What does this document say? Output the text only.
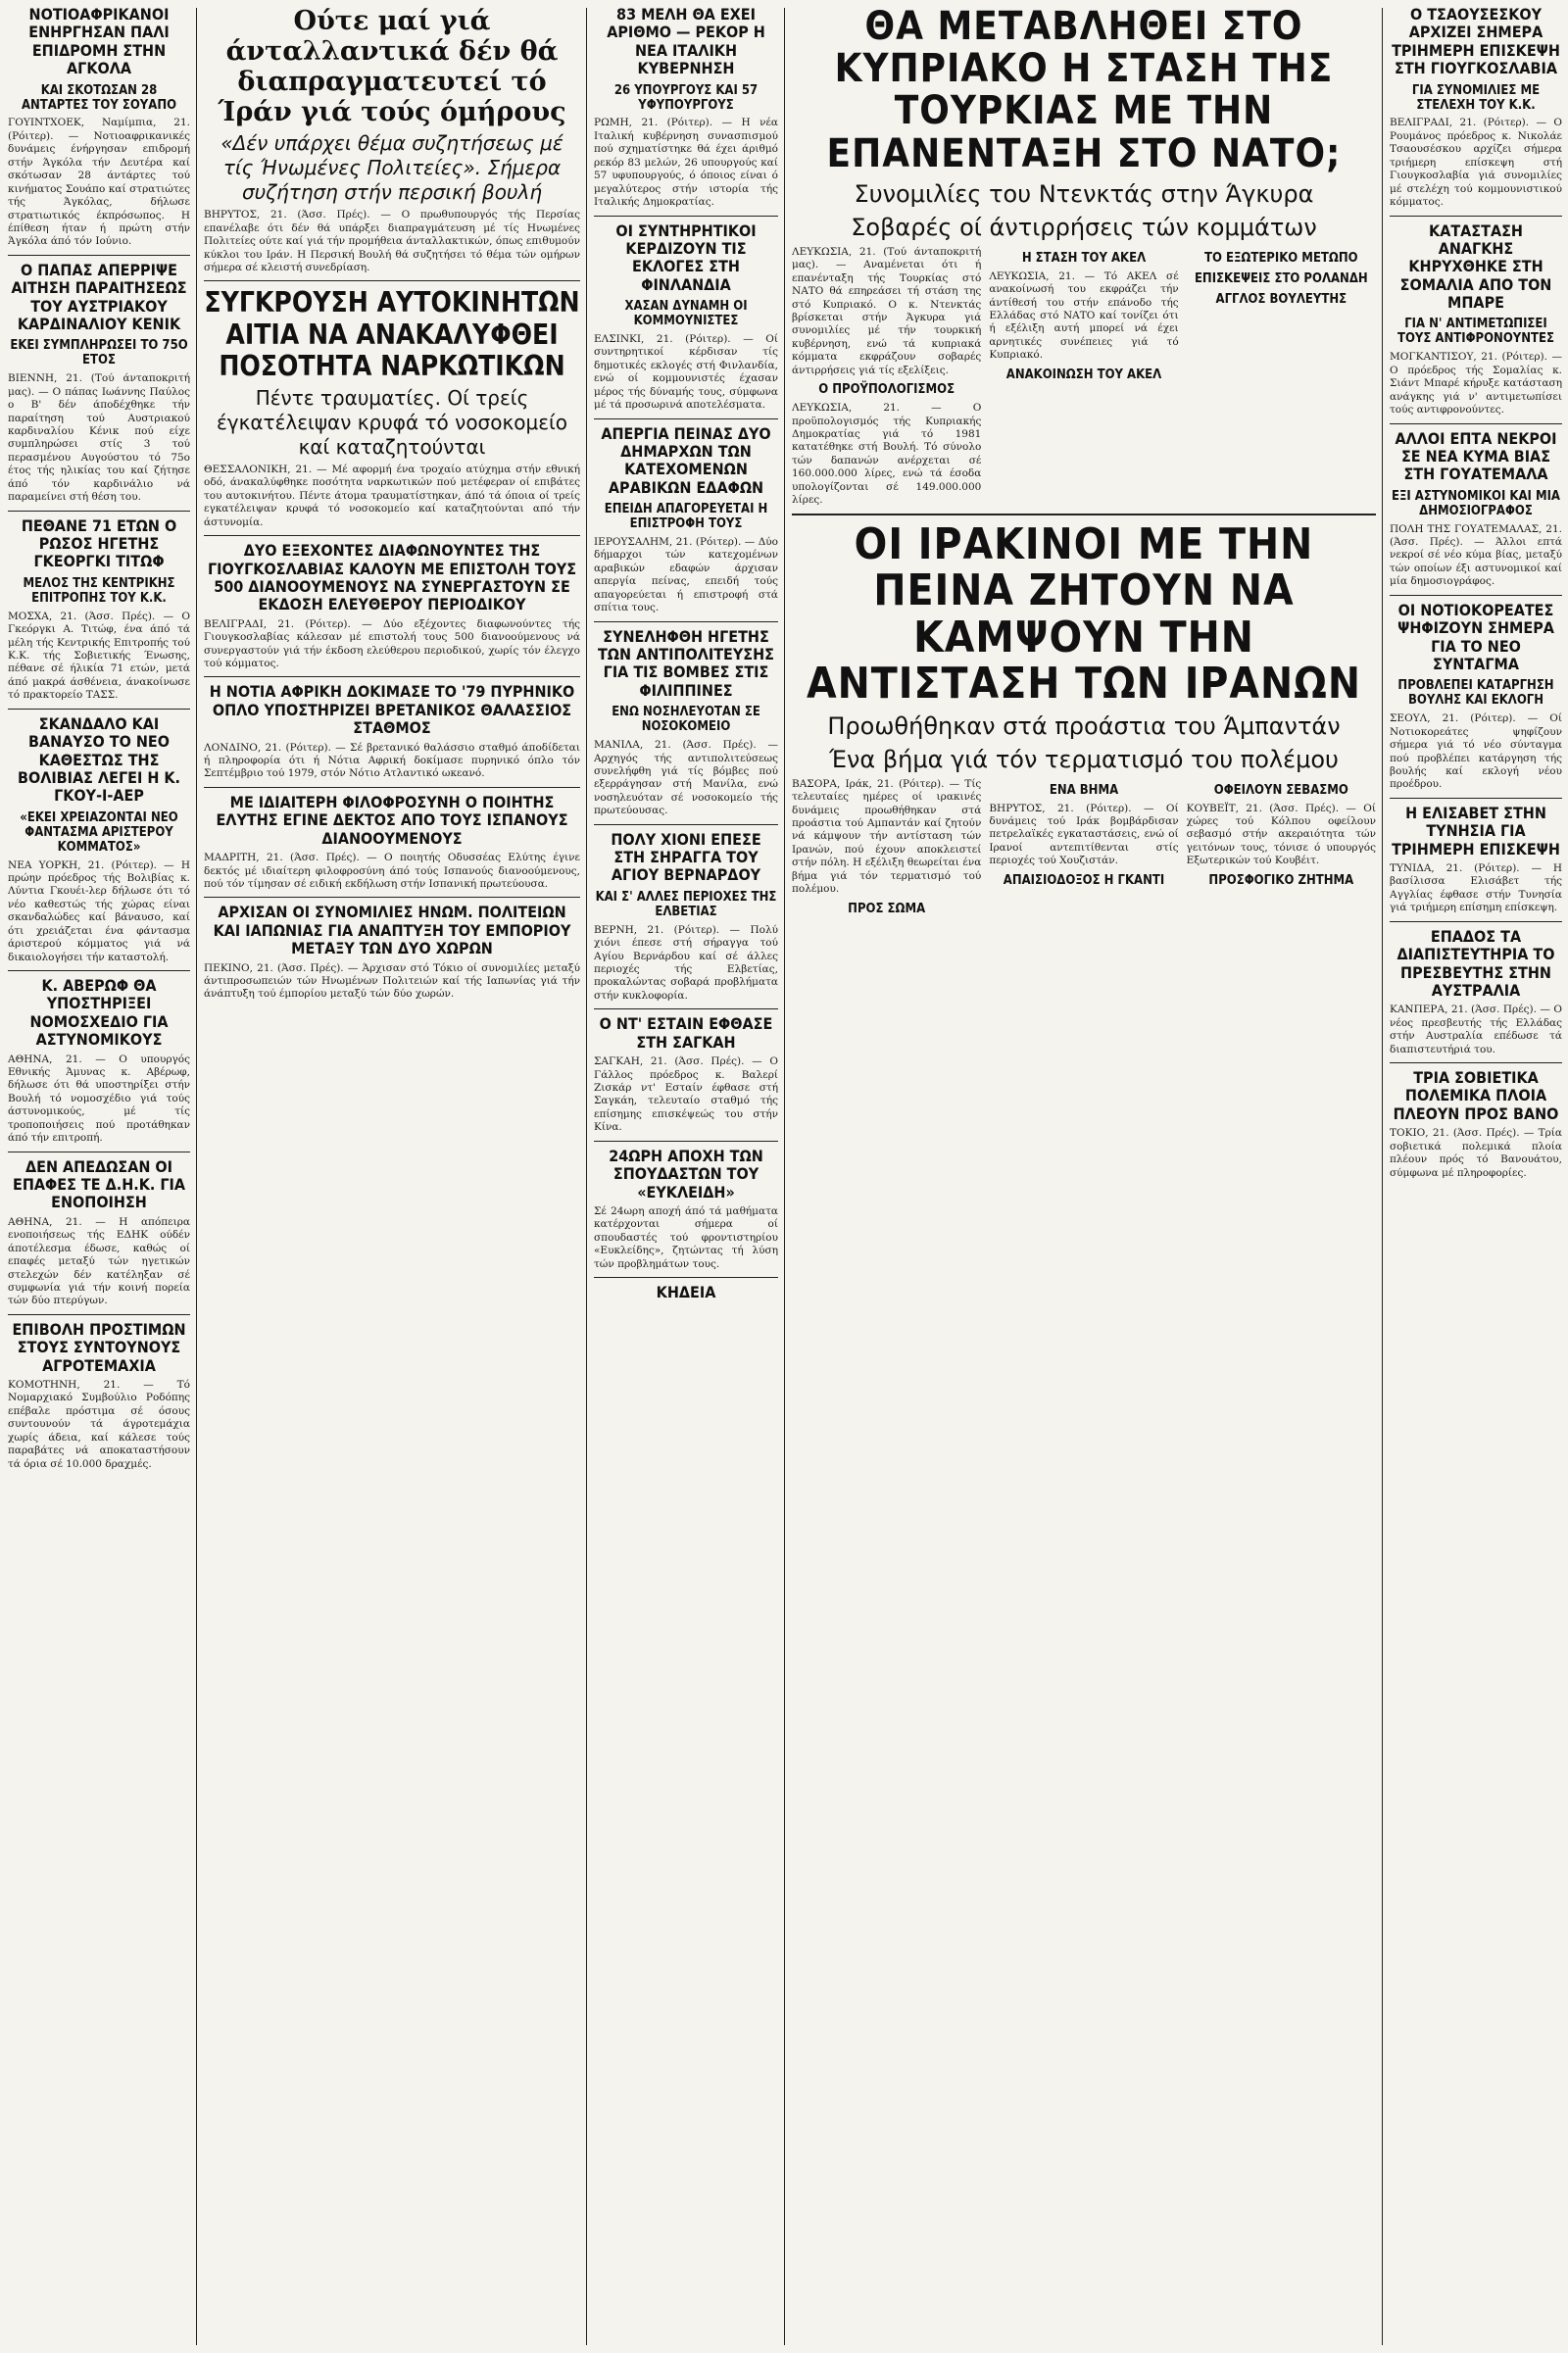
ΝΟΤΙΟΑΦΡΙΚΑΝΟΙ ΕΝΗΡΓΗΣΑΝ ΠΑΛΙ ΕΠΙΔΡΟΜΗ ΣΤΗΝ ΑΓΚΟΛΑ
ΚΑΙ ΣΚΟΤΩΣΑΝ 28 ΑΝΤΑΡΤΕΣ ΤΟΥ ΣΟΥΑΠΟ

ΓΟΥΙΝΤΧΟΕΚ, Ναμίμπια, 21. (Ρόιτερ). — Νοτιοαφρικανικές δυνάμεις ένήργησαν επιδρομή στήν Άγκόλα τήν Δευτέρα καί σκότωσαν 28 άντάρτες τού κινήματος Σουάπο καί στρατιώτες τής Άγκόλας, δήλωσε στρατιωτικός έκπρόσωπος. Η έπίθεση ήταν ή πρώτη στήν Άγκόλα άπό τόν Ιούνιο.

Ο ΠΑΠΑΣ ΑΠΕΡΡΙΨΕ ΑΙΤΗΣΗ ΠΑΡΑΙΤΗΣΕΩΣ ΤΟΥ ΑΥΣΤΡΙΑΚΟΥ ΚΑΡΔΙΝΑΛΙΟΥ ΚΕΝΙΚ
ΕΚΕΙ ΣΥΜΠΛΗΡΩΣΕΙ ΤΟ 75Ο ΕΤΟΣ

ΒΙΕΝΝΗ, 21. (Τού άνταποκριτή μας). — Ο πάπας Ιωάννης Παύλος ο Β' δέν άποδέχθηκε τήν παραίτηση τού Αυστριακού καρδιναλίου Κένικ πού είχε συμπληρώσει στίς 3 τού περασμένου Αυγούστου τό 75ο έτος τής ηλικίας του καί ζήτησε άπό τόν καρδινάλιο νά παραμείνει στή θέση του.

ΠΕΘΑΝΕ 71 ΕΤΩΝ Ο ΡΩΣΟΣ ΗΓΕΤΗΣ ΓΚΕΟΡΓΚΙ ΤΙΤΩΦ
ΜΕΛΟΣ ΤΗΣ ΚΕΝΤΡΙΚΗΣ ΕΠΙΤΡΟΠΗΣ ΤΟΥ Κ.Κ.

ΜΟΣΧΑ, 21. (Άσσ. Πρές). — Ο Γκεόργκι Α. Τιτώφ, ένα άπό τά μέλη τής Κεντρικής Επιτροπής τού Κ.Κ. τής Σοβιετικής Ένωσης, πέθανε σέ ήλικία 71 ετών, μετά άπό μακρά άσθένεια, άνακοίνωσε τό πρακτορείο ΤΑΣΣ.

ΣΚΑΝΔΑΛΟ ΚΑΙ ΒΑΝΑΥΣΟ ΤΟ ΝΕΟ ΚΑΘΕΣΤΩΣ ΤΗΣ ΒΟΛΙΒΙΑΣ ΛΕΓΕΙ Η Κ. ΓΚΟΥ-Ι-ΑΕΡ
«ΕΚΕΙ ΧΡΕΙΑΖΟΝΤΑΙ ΝΕΟ ΦΑΝΤΑΣΜΑ ΑΡΙΣΤΕΡΟΥ ΚΟΜΜΑΤΟΣ»

ΝΕΑ ΥΟΡΚΗ, 21. (Ρόιτερ). — Η πρώην πρόεδρος τής Βολιβίας κ. Λύντια Γκουέι-λερ δήλωσε ότι τό νέο καθεστώς τής χώρας είναι σκανδαλώδες καί βάναυσο, καί ότι χρειάζεται ένα φάντασμα άριστερού κόμματος γιά νά δικαιολογήσει τήν καταστολή.

Κ. ΑΒΕΡΩΦ ΘΑ ΥΠΟΣΤΗΡΙΞΕΙ ΝΟΜΟΣΧΕΔΙΟ ΓΙΑ ΑΣΤΥΝΟΜΙΚΟΥΣ

ΑΘΗΝΑ, 21. — Ο υπουργός Εθνικής Άμυνας κ. Αβέρωφ, δήλωσε ότι θά υποστηρίξει στήν Βουλή τό νομοσχέδιο γιά τούς άστυνομικούς, μέ τίς τροποποιήσεις πού προτάθηκαν άπό τήν επιτροπή.

ΔΕΝ ΑΠΕΔΩΣΑΝ ΟΙ ΕΠΑΦΕΣ ΤΕ Δ.Η.Κ. ΓΙΑ ΕΝΟΠΟΙΗΣΗ

ΑΘΗΝΑ, 21. — Η απόπειρα ενοποιήσεως τής ΕΔΗΚ ούδέν άποτέλεσμα έδωσε, καθώς οί επαφές μεταξύ τών ηγετικών στελεχών δέν κατέληξαν σέ συμφωνία γιά τήν κοινή πορεία τών δύο πτερύγων.

ΕΠΙΒΟΛΗ ΠΡΟΣΤΙΜΩΝ ΣΤΟΥΣ ΣΥΝΤΟΥΝΟΥΣ ΑΓΡΟΤΕΜΑΧΙΑ

ΚΟΜΟΤΗΝΗ, 21. — Τό Νομαρχιακό Συμβούλιο Ροδόπης επέβαλε πρόστιμα σέ όσους συντουνούν τά άγροτεμάχια χωρίς άδεια, καί κάλεσε τούς παραβάτες νά αποκαταστήσουν τά όρια σέ 10.000 δραχμές.

Ούτε μαί γιά άνταλλαντικά δέν θά διαπραγματευτεί τό Ίράν γιά τούς όμήρους
«Δέν υπάρχει θέμα συζητήσεως μέ τίς Ήνωμένες Πολιτείες». Σήμερα συζήτηση στήν περσική βουλή

ΒΗΡΥΤΟΣ, 21. (Άσσ. Πρές). — Ο πρωθυπουργός τής Περσίας επανέλαβε ότι δέν θά υπάρξει διαπραγμάτευση μέ τίς Ηνωμένες Πολιτείες ούτε καί γιά τήν προμήθεια άνταλλακτικών, όπως επιθυμούν κύκλοι του Ιράν. Η Περσική Βουλή θά συζητήσει τό θέμα τών ομήρων σήμερα σέ κλειστή συνεδρίαση.

ΣΥΓΚΡΟΥΣΗ ΑΥΤΟΚΙΝΗΤΩΝ ΑΙΤΙΑ ΝΑ ΑΝΑΚΑΛΥΦΘΕΙ ΠΟΣΟΤΗΤΑ ΝΑΡΚΩΤΙΚΩΝ
Πέντε τραυματίες. Οί τρείς έγκατέλειψαν κρυφά τό νοσοκομείο καί καταζητούνται

ΘΕΣΣΑΛΟΝΙΚΗ, 21. — Μέ αφορμή ένα τροχαίο ατύχημα στήν εθνική οδό, άνακαλύφθηκε ποσότητα ναρκωτικών πού μετέφεραν οί επιβάτες του αυτοκινήτου. Πέντε άτομα τραυματίστηκαν, άπό τά όποια οί τρείς εγκατέλειψαν κρυφά τό νοσοκομείο καί καταζητούνται από τήν άστυνομία.

ΔΥΟ ΕΞΕΧΟΝΤΕΣ ΔΙΑΦΩΝΟΥΝΤΕΣ ΤΗΣ ΓΙΟΥΓΚΟΣΛΑΒΙΑΣ ΚΑΛΟΥΝ ΜΕ ΕΠΙΣΤΟΛΗ ΤΟΥΣ 500 ΔΙΑΝΟΟΥΜΕΝΟΥΣ ΝΑ ΣΥΝΕΡΓΑΣΤΟΥΝ ΣΕ ΕΚΔΟΣΗ ΕΛΕΥΘΕΡΟΥ ΠΕΡΙΟΔΙΚΟΥ

ΒΕΛΙΓΡΑΔΙ, 21. (Ρόιτερ). — Δύο εξέχοντες διαφωνούντες τής Γιουγκοσλαβίας κάλεσαν μέ επιστολή τους 500 διανοούμενους νά συνεργαστούν γιά τήν έκδοση ελεύθερου περιοδικού, χωρίς τόν έλεγχο τού κόμματος.

Η ΝΟΤΙΑ ΑΦΡΙΚΗ ΔΟΚΙΜΑΣΕ ΤΟ '79 ΠΥΡΗΝΙΚΟ ΟΠΛΟ ΥΠΟΣΤΗΡΙΖΕΙ ΒΡΕΤΑΝΙΚΟΣ ΘΑΛΑΣΣΙΟΣ ΣΤΑΘΜΟΣ

ΛΟΝΔΙΝΟ, 21. (Ρόιτερ). — Σέ βρετανικό θαλάσσιο σταθμό άποδίδεται ή πληροφορία ότι ή Νότια Αφρική δοκίμασε πυρηνικό όπλο τόν Σεπτέμβριο τού 1979, στόν Νότιο Ατλαντικό ωκεανό.

ΜΕ ΙΔΙΑΙΤΕΡΗ ΦΙΛΟΦΡΟΣΥΝΗ Ο ΠΟΙΗΤΗΣ ΕΛΥΤΗΣ ΕΓΙΝΕ ΔΕΚΤΟΣ ΑΠΟ ΤΟΥΣ ΙΣΠΑΝΟΥΣ ΔΙΑΝΟΟΥΜΕΝΟΥΣ

ΜΑΔΡΙΤΗ, 21. (Άσσ. Πρές). — Ο ποιητής Οδυσσέας Ελύτης έγινε δεκτός μέ ιδιαίτερη φιλοφροσύνη άπό τούς Ισπανούς διανοούμενους, πού τόν τίμησαν σέ ειδική εκδήλωση στήν Ισπανική πρωτεύουσα.

ΑΡΧΙΣΑΝ ΟΙ ΣΥΝΟΜΙΛΙΕΣ ΗΝΩΜ. ΠΟΛΙΤΕΙΩΝ ΚΑΙ ΙΑΠΩΝΙΑΣ ΓΙΑ ΑΝΑΠΤΥΞΗ ΤΟΥ ΕΜΠΟΡΙΟΥ ΜΕΤΑΞΥ ΤΩΝ ΔΥΟ ΧΩΡΩΝ

ΠΕΚΙΝΟ, 21. (Άσσ. Πρές). — Άρχισαν στό Τόκιο οί συνομιλίες μεταξύ άντιπροσωπειών τών Ηνωμένων Πολιτειών καί τής Ιαπωνίας γιά τήν άνάπτυξη τού έμπορίου μεταξύ τών δύο χωρών.

83 ΜΕΛΗ ΘΑ ΕΧΕΙ ΑΡΙΘΜΟ — ΡΕΚΟΡ Η ΝΕΑ ΙΤΑΛΙΚΗ ΚΥΒΕΡΝΗΣΗ
26 ΥΠΟΥΡΓΟΥΣ ΚΑΙ 57 ΥΦΥΠΟΥΡΓΟΥΣ

ΡΩΜΗ, 21. (Ρόιτερ). — Η νέα Ιταλική κυβέρνηση συνασπισμού πού σχηματίστηκε θά έχει άριθμό ρεκόρ 83 μελών, 26 υπουργούς καί 57 υφυπουργούς, ό όποιος είναι ό μεγαλύτερος στήν ιστορία τής Ιταλικής Δημοκρατίας.

ΟΙ ΣΥΝΤΗΡΗΤΙΚΟΙ ΚΕΡΔΙΖΟΥΝ ΤΙΣ ΕΚΛΟΓΕΣ ΣΤΗ ΦΙΝΛΑΝΔΙΑ
ΧΑΣΑΝ ΔΥΝΑΜΗ ΟΙ ΚΟΜΜΟΥΝΙΣΤΕΣ

ΕΛΣΙΝΚΙ, 21. (Ρόιτερ). — Οί συντηρητικοί κέρδισαν τίς δημοτικές εκλογές στή Φινλανδία, ενώ οί κομμουνιστές έχασαν μέρος τής δύναμής τους, σύμφωνα μέ τά προσωρινά αποτελέσματα.

ΑΠΕΡΓΙΑ ΠΕΙΝΑΣ ΔΥΟ ΔΗΜΑΡΧΩΝ ΤΩΝ ΚΑΤΕΧΟΜΕΝΩΝ ΑΡΑΒΙΚΩΝ ΕΔΑΦΩΝ
ΕΠΕΙΔΗ ΑΠΑΓΟΡΕΥΕΤΑΙ Η ΕΠΙΣΤΡΟΦΗ ΤΟΥΣ

ΙΕΡΟΥΣΑΛΗΜ, 21. (Ρόιτερ). — Δύο δήμαρχοι τών κατεχομένων αραβικών εδαφών άρχισαν απεργία πείνας, επειδή τούς απαγορεύεται ή επιστροφή στά σπίτια τους.

ΣΥΝΕΛΗΦΘΗ ΗΓΕΤΗΣ ΤΩΝ ΑΝΤΙΠΟΛΙΤΕΥΣΗΣ ΓΙΑ ΤΙΣ ΒΟΜΒΕΣ ΣΤΙΣ ΦΙΛΙΠΠΙΝΕΣ
ΕΝΩ ΝΟΣΗΛΕΥΟΤΑΝ ΣΕ ΝΟΣΟΚΟΜΕΙΟ

ΜΑΝΙΛΑ, 21. (Άσσ. Πρές). — Αρχηγός τής αντιπολιτεύσεως συνελήφθη γιά τίς βόμβες πού εξερράγησαν στή Μανίλα, ενώ νοσηλευόταν σέ νοσοκομείο τής πρωτεύουσας.

ΠΟΛΥ ΧΙΟΝΙ ΕΠΕΣΕ ΣΤΗ ΣΗΡΑΓΓΑ ΤΟΥ ΑΓΙΟΥ ΒΕΡΝΑΡΔΟΥ
ΚΑΙ Σ' ΑΛΛΕΣ ΠΕΡΙΟΧΕΣ ΤΗΣ ΕΛΒΕΤΙΑΣ

ΒΕΡΝΗ, 21. (Ρόιτερ). — Πολύ χιόνι έπεσε στή σήραγγα τού Αγίου Βερνάρδου καί σέ άλλες περιοχές τής Ελβετίας, προκαλώντας σοβαρά προβλήματα στήν κυκλοφορία.

Ο ΝΤ' ΕΣΤΑΙΝ ΕΦΘΑΣΕ ΣΤΗ ΣΑΓΚΑΗ

ΣΑΓΚΑΗ, 21. (Άσσ. Πρές). — Ο Γάλλος πρόεδρος κ. Βαλερί Ζισκάρ ντ' Εσταίν έφθασε στή Σαγκάη, τελευταίο σταθμό τής επίσημης επισκέψεώς του στήν Κίνα.

24ΩΡΗ ΑΠΟΧΗ ΤΩΝ ΣΠΟΥΔΑΣΤΩΝ ΤΟΥ «ΕΥΚΛΕΙΔΗ»

Σέ 24ωρη αποχή άπό τά μαθήματα κατέρχονται σήμερα οί σπουδαστές τού φροντιστηρίου «Ευκλείδης», ζητώντας τή λύση τών προβλημάτων τους.

ΚΗΔΕΙΑ
ΘΑ ΜΕΤΑΒΛΗΘΕΙ ΣΤΟ ΚΥΠΡΙΑΚΟ Η ΣΤΑΣΗ ΤΗΣ ΤΟΥΡΚΙΑΣ ΜΕ ΤΗΝ ΕΠΑΝΕΝΤΑΞΗ ΣΤΟ ΝΑΤΟ;
Συνομιλίες του Ντενκτάς στην Άγκυρα
Σοβαρές οί άντιρρήσεις τών κομμάτων

ΛΕΥΚΩΣΙΑ, 21. (Τού άνταποκριτή μας). — Αναμένεται ότι ή επανένταξη τής Τουρκίας στό ΝΑΤΟ θά επηρεάσει τή στάση της στό Κυπριακό. Ο κ. Ντενκτάς βρίσκεται στήν Άγκυρα γιά συνομιλίες μέ τήν τουρκική κυβέρνηση, ενώ τά κυπριακά κόμματα εκφράζουν σοβαρές άντιρρήσεις γιά τίς εξελίξεις.

Ο ΠΡΟΫΠΟΛΟΓΙΣΜΟΣ

ΛΕΥΚΩΣΙΑ, 21. — Ο προϋπολογισμός τής Κυπριακής Δημοκρατίας γιά τό 1981 κατατέθηκε στή Βουλή. Τό σύνολο τών δαπανών ανέρχεται σέ 160.000.000 λίρες, ενώ τά έσοδα υπολογίζονται σέ 149.000.000 λίρες.

Η ΣΤΑΣΗ ΤΟΥ ΑΚΕΛ

ΛΕΥΚΩΣΙΑ, 21. — Τό ΑΚΕΛ σέ ανακοίνωσή του εκφράζει τήν άντίθεσή του στήν επάνοδο τής Ελλάδας στό ΝΑΤΟ καί τονίζει ότι ή εξέλιξη αυτή μπορεί νά έχει αρνητικές συνέπειες γιά τό Κυπριακό.

ΑΝΑΚΟΙΝΩΣΗ ΤΟΥ ΑΚΕΛ
ΤΟ ΕΞΩΤΕΡΙΚΟ ΜΕΤΩΠΟ
ΕΠΙΣΚΕΨΕΙΣ ΣΤΟ ΡΟΛΑΝΔΗ
ΑΓΓΛΟΣ ΒΟΥΛΕΥΤΗΣ
ΟΙ ΙΡΑΚΙΝΟΙ ΜΕ ΤΗΝ ΠΕΙΝΑ ΖΗΤΟΥΝ ΝΑ ΚΑΜΨΟΥΝ ΤΗΝ ΑΝΤΙΣΤΑΣΗ ΤΩΝ ΙΡΑΝΩΝ
Προωθήθηκαν στά προάστια του Άμπαντάν
Ένα βήμα γιά τόν τερματισμό του πολέμου

ΒΑΣΟΡΑ, Ιράκ, 21. (Ρόιτερ). — Τίς τελευταίες ημέρες οί ιρακινές δυνάμεις προωθήθηκαν στά προάστια τού Αμπαντάν καί ζητούν νά κάμψουν τήν αντίσταση τών Ιρανών, πού έχουν αποκλειστεί στήν πόλη. Η εξέλιξη θεωρείται ένα βήμα γιά τόν τερματισμό τού πολέμου.

ΠΡΟΣ ΣΩΜΑ
ΕΝΑ ΒΗΜΑ

ΒΗΡΥΤΟΣ, 21. (Ρόιτερ). — Οί δυνάμεις τού Ιράκ βομβάρδισαν πετρελαϊκές εγκαταστάσεις, ενώ οί Ιρανοί αντεπιτίθενται στίς περιοχές τού Χουζιστάν.

ΑΠΑΙΣΙΟΔΟΞΟΣ Η ΓΚΑΝΤΙ
ΟΦΕΙΛΟΥΝ ΣΕΒΑΣΜΟ

ΚΟΥΒΕΪΤ, 21. (Άσσ. Πρές). — Οί χώρες τού Κόλπου οφείλουν σεβασμό στήν ακεραιότητα τών γειτόνων τους, τόνισε ό υπουργός Εξωτερικών τού Κουβέιτ.

ΠΡΟΣΦΟΓΙΚΟ ΖΗΤΗΜΑ
Ο ΤΣΑΟΥΣΕΣΚΟΥ ΑΡΧΙΖΕΙ ΣΗΜΕΡΑ ΤΡΙΗΜΕΡΗ ΕΠΙΣΚΕΨΗ ΣΤΗ ΓΙΟΥΓΚΟΣΛΑΒΙΑ
ΓΙΑ ΣΥΝΟΜΙΛΙΕΣ ΜΕ ΣΤΕΛΕΧΗ ΤΟΥ Κ.Κ.

ΒΕΛΙΓΡΑΔΙ, 21. (Ρόιτερ). — Ο Ρουμάνος πρόεδρος κ. Νικολάε Τσαουσέσκου αρχίζει σήμερα τριήμερη επίσκεψη στή Γιουγκοσλαβία γιά συνομιλίες μέ στελέχη τού κομμουνιστικού κόμματος.

ΚΑΤΑΣΤΑΣΗ ΑΝΑΓΚΗΣ ΚΗΡΥΧΘΗΚΕ ΣΤΗ ΣΟΜΑΛΙΑ ΑΠΟ ΤΟΝ ΜΠΑΡΕ
ΓΙΑ Ν' ΑΝΤΙΜΕΤΩΠΙΣΕΙ ΤΟΥΣ ΑΝΤΙΦΡΟΝΟΥΝΤΕΣ

ΜΟΓΚΑΝΤΙΣΟΥ, 21. (Ρόιτερ). — Ο πρόεδρος τής Σομαλίας κ. Σιάντ Μπαρέ κήρυξε κατάσταση ανάγκης γιά ν' αντιμετωπίσει τούς αντιφρονούντες.

ΑΛΛΟΙ ΕΠΤΑ ΝΕΚΡΟΙ ΣΕ ΝΕΑ ΚΥΜΑ ΒΙΑΣ ΣΤΗ ΓΟΥΑΤΕΜΑΛΑ
ΕΞΙ ΑΣΤΥΝΟΜΙΚΟΙ ΚΑΙ ΜΙΑ ΔΗΜΟΣΙΟΓΡΑΦΟΣ

ΠΟΛΗ ΤΗΣ ΓΟΥΑΤΕΜΑΛΑΣ, 21. (Άσσ. Πρές). — Άλλοι επτά νεκροί σέ νέο κύμα βίας, μεταξύ τών οποίων έξι αστυνομικοί καί μία δημοσιογράφος.

ΟΙ ΝΟΤΙΟΚΟΡΕΑΤΕΣ ΨΗΦΙΖΟΥΝ ΣΗΜΕΡΑ ΓΙΑ ΤΟ ΝΕΟ ΣΥΝΤΑΓΜΑ
ΠΡΟΒΛΕΠΕΙ ΚΑΤΑΡΓΗΣΗ ΒΟΥΛΗΣ ΚΑΙ ΕΚΛΟΓΗ

ΣΕΟΥΛ, 21. (Ρόιτερ). — Οί Νοτιοκορεάτες ψηφίζουν σήμερα γιά τό νέο σύνταγμα πού προβλέπει κατάργηση τής βουλής καί εκλογή νέου προέδρου.

Η ΕΛΙΣΑΒΕΤ ΣΤΗΝ ΤΥΝΗΣΙΑ ΓΙΑ ΤΡΙΗΜΕΡΗ ΕΠΙΣΚΕΨΗ

ΤΥΝΙΔΑ, 21. (Ρόιτερ). — Η βασίλισσα Ελισάβετ τής Αγγλίας έφθασε στήν Τυνησία γιά τριήμερη επίσημη επίσκεψη.

ΕΠΑΔΟΣ ΤΑ ΔΙΑΠΙΣΤΕΥΤΗΡΙΑ ΤΟ ΠΡΕΣΒΕΥΤΗΣ ΣΤΗΝ ΑΥΣΤΡΑΛΙΑ

ΚΑΝΠΕΡΑ, 21. (Άσσ. Πρές). — Ο νέος πρεσβευτής τής Ελλάδας στήν Αυστραλία επέδωσε τά διαπιστευτήριά του.

ΤΡΙΑ ΣΟΒΙΕΤΙΚΑ ΠΟΛΕΜΙΚΑ ΠΛΟΙΑ ΠΛΕΟΥΝ ΠΡΟΣ ΒΑΝΟ

ΤΟΚΙΟ, 21. (Άσσ. Πρές). — Τρία σοβιετικά πολεμικά πλοία πλέουν πρός τό Βανουάτου, σύμφωνα μέ πληροφορίες.
